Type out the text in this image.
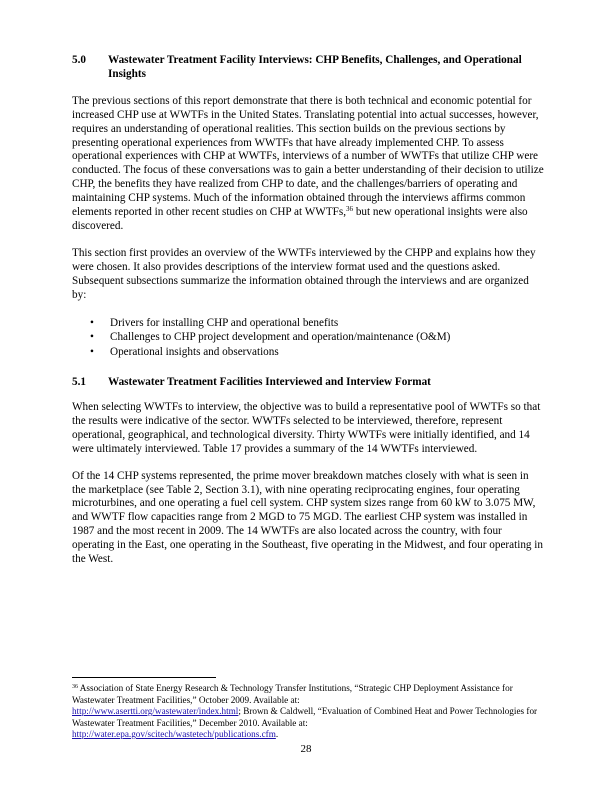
5.0	Wastewater Treatment Facility Interviews: CHP Benefits, Challenges, and Operational Insights

The previous sections of this report demonstrate that there is both technical and economic potential for increased CHP use at WWTFs in the United States. Translating potential into actual successes, however, requires an understanding of operational realities. This section builds on the previous sections by presenting operational experiences from WWTFs that have already implemented CHP. To assess operational experiences with CHP at WWTFs, interviews of a number of WWTFs that utilize CHP were conducted. The focus of these conversations was to gain a better understanding of their decision to utilize CHP, the benefits they have realized from CHP to date, and the challenges/barriers of operating and maintaining CHP systems. Much of the information obtained through the interviews affirms common elements reported in other recent studies on CHP at WWTFs,$^{36}$ but new operational insights were also discovered.

This section first provides an overview of the WWTFs interviewed by the CHPP and explains how they were chosen. It also provides descriptions of the interview format used and the questions asked. Subsequent subsections summarize the information obtained through the interviews and are organized by:

•	Drivers for installing CHP and operational benefits
•	Challenges to CHP project development and operation/maintenance (O&M)
•	Operational insights and observations
5.1	Wastewater Treatment Facilities Interviewed and Interview Format

When selecting WWTFs to interview, the objective was to build a representative pool of WWTFs so that the results were indicative of the sector. WWTFs selected to be interviewed, therefore, represent operational, geographical, and technological diversity. Thirty WWTFs were initially identified, and 14 were ultimately interviewed. Table 17 provides a summary of the 14 WWTFs interviewed.

Of the 14 CHP systems represented, the prime mover breakdown matches closely with what is seen in the marketplace (see Table 2, Section 3.1), with nine operating reciprocating engines, four operating microturbines, and one operating a fuel cell system. CHP system sizes range from 60 kW to 3.075 MW, and WWTF flow capacities range from 2 MGD to 75 MGD. The earliest CHP system was installed in 1987 and the most recent in 2009. The 14 WWTFs are also located across the country, with four operating in the East, one operating in the Southeast, five operating in the Midwest, and four operating in the West.

$^{36}$ Association of State Energy Research & Technology Transfer Institutions, “Strategic CHP Deployment Assistance for Wastewater Treatment Facilities,” October 2009. Available at:
http://www.asertti.org/wastewater/index.html; Brown & Caldwell, “Evaluation of Combined Heat and Power Technologies for Wastewater Treatment Facilities,” December 2010. Available at:
http://water.epa.gov/scitech/wastetech/publications.cfm.
28
